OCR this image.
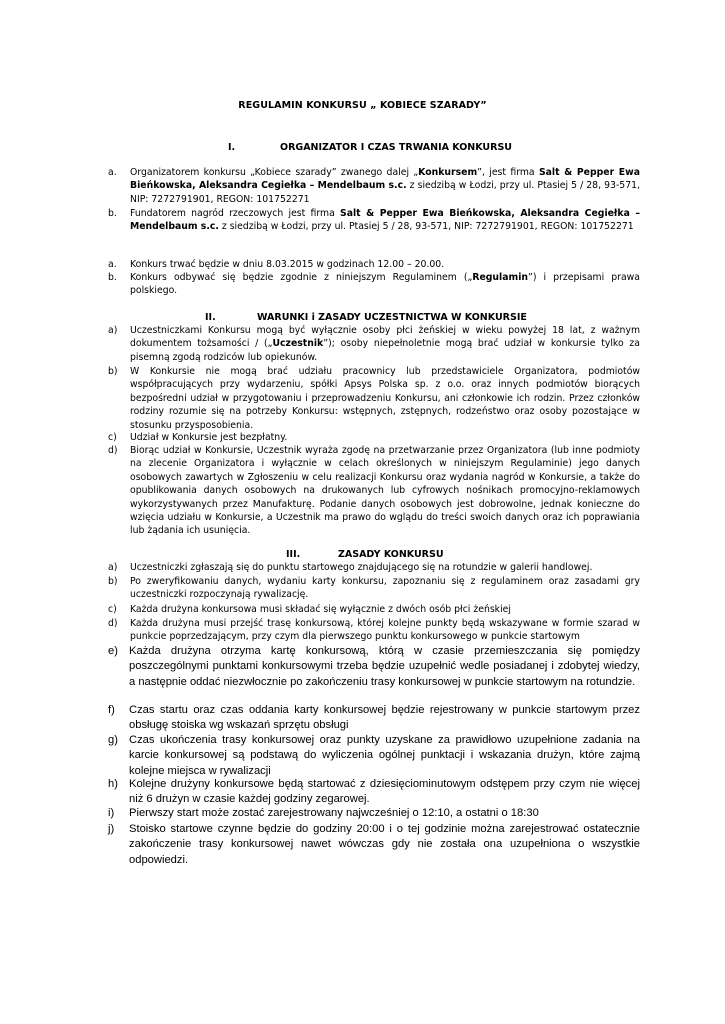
REGULAMIN KONKURSU „ KOBIECE SZARADY”
I.	ORGANIZATOR I CZAS TRWANIA KONKURSU
a. Organizatorem konkursu „Kobiece szarady” zwanego dalej „Konkursem”, jest firma Salt & Pepper Ewa Bieńkowska, Aleksandra Cegiełka – Mendelbaum s.c. z siedzibą w Łodzi, przy ul. Ptasiej 5 / 28, 93-571, NIP: 7272791901, REGON: 101752271
b. Fundatorem nagród rzeczowych jest firma Salt & Pepper Ewa Bieńkowska, Aleksandra Cegiełka – Mendelbaum s.c. z siedzibą w Łodzi, przy ul. Ptasiej 5 / 28, 93-571, NIP: 7272791901, REGON: 101752271
a. Konkurs trwać będzie w dniu 8.03.2015 w godzinach 12.00 – 20.00.
b. Konkurs odbywać się będzie zgodnie z niniejszym Regulaminem („Regulamin”) i przepisami prawa polskiego.
II.	WARUNKI i ZASADY UCZESTNICTWA W KONKURSIE
a) Uczestniczkami Konkursu mogą być wyłącznie osoby płci żeńskiej w wieku powyżej 18 lat, z ważnym dokumentem tożsamości / („Uczestnik”); osoby niepełnoletnie mogą brać udział w konkursie tylko za pisemną zgodą rodziców lub opiekunów.
b) W Konkursie nie mogą brać udziału pracownicy lub przedstawiciele Organizatora, podmiotów współpracujących przy wydarzeniu, spółki Apsys Polska sp. z o.o. oraz innych podmiotów biorących bezpośredni udział w przygotowaniu i przeprowadzeniu Konkursu, ani członkowie ich rodzin. Przez członków rodziny rozumie się na potrzeby Konkursu: wstępnych, zstępnych, rodzeństwo oraz osoby pozostające w stosunku przysposobienia.
c) Udział w Konkursie jest bezpłatny.
d) Biorąc udział w Konkursie, Uczestnik wyraża zgodę na przetwarzanie przez Organizatora (lub inne podmioty na zlecenie Organizatora i wyłącznie w celach określonych w niniejszym Regulaminie) jego danych osobowych zawartych w Zgłoszeniu w celu realizacji Konkursu oraz wydania nagród w Konkursie, a także do opublikowania danych osobowych na drukowanych lub cyfrowych nośnikach promocyjno-reklamowych wykorzystywanych przez Manufakturę. Podanie danych osobowych jest dobrowolne, jednak konieczne do wzięcia udziału w Konkursie, a Uczestnik ma prawo do wglądu do treści swoich danych oraz ich poprawiania lub żądania ich usunięcia.
III.	ZASADY KONKURSU
a) Uczestniczki zgłaszają się do punktu startowego znajdującego się na rotundzie w galerii handlowej.
b) Po zweryfikowaniu danych, wydaniu karty konkursu, zapoznaniu się z regulaminem oraz zasadami gry uczestniczki rozpoczynają rywalizację.
c) Każda drużyna konkursowa musi składać się wyłącznie z dwóch osób płci żeńskiej
d) Każda drużyna musi przejść trasę konkursową, której kolejne punkty będą wskazywane w formie szarad w punkcie poprzedzającym, przy czym dla pierwszego punktu konkursowego w punkcie startowym
e) Każda drużyna otrzyma kartę konkursową, którą w czasie przemieszczania się pomiędzy poszczególnymi punktami konkursowymi trzeba będzie uzupełnić wedle posiadanej i zdobytej wiedzy, a następnie oddać niezwłocznie po zakończeniu trasy konkursowej w punkcie startowym na rotundzie.
f) Czas startu oraz czas oddania karty konkursowej będzie rejestrowany w punkcie startowym przez obsługę stoiska wg wskazań sprzętu obsługi
g) Czas ukończenia trasy konkursowej oraz punkty uzyskane za prawidłowo uzupełnione zadania na karcie konkursowej są podstawą do wyliczenia ogólnej punktacji i wskazania drużyn, które zajmą kolejne miejsca w rywalizacji
h) Kolejne drużyny konkursowe będą startować z dziesięciominutowym odstępem przy czym nie więcej niż 6 drużyn w czasie każdej godziny zegarowej.
i) Pierwszy start może zostać zarejestrowany najwcześniej o 12:10, a ostatni o 18:30
j) Stoisko startowe czynne będzie do godziny 20:00 i o tej godzinie można zarejestrować ostatecznie zakończenie trasy konkursowej nawet wówczas gdy nie została ona uzupełniona o wszystkie odpowiedzi.
